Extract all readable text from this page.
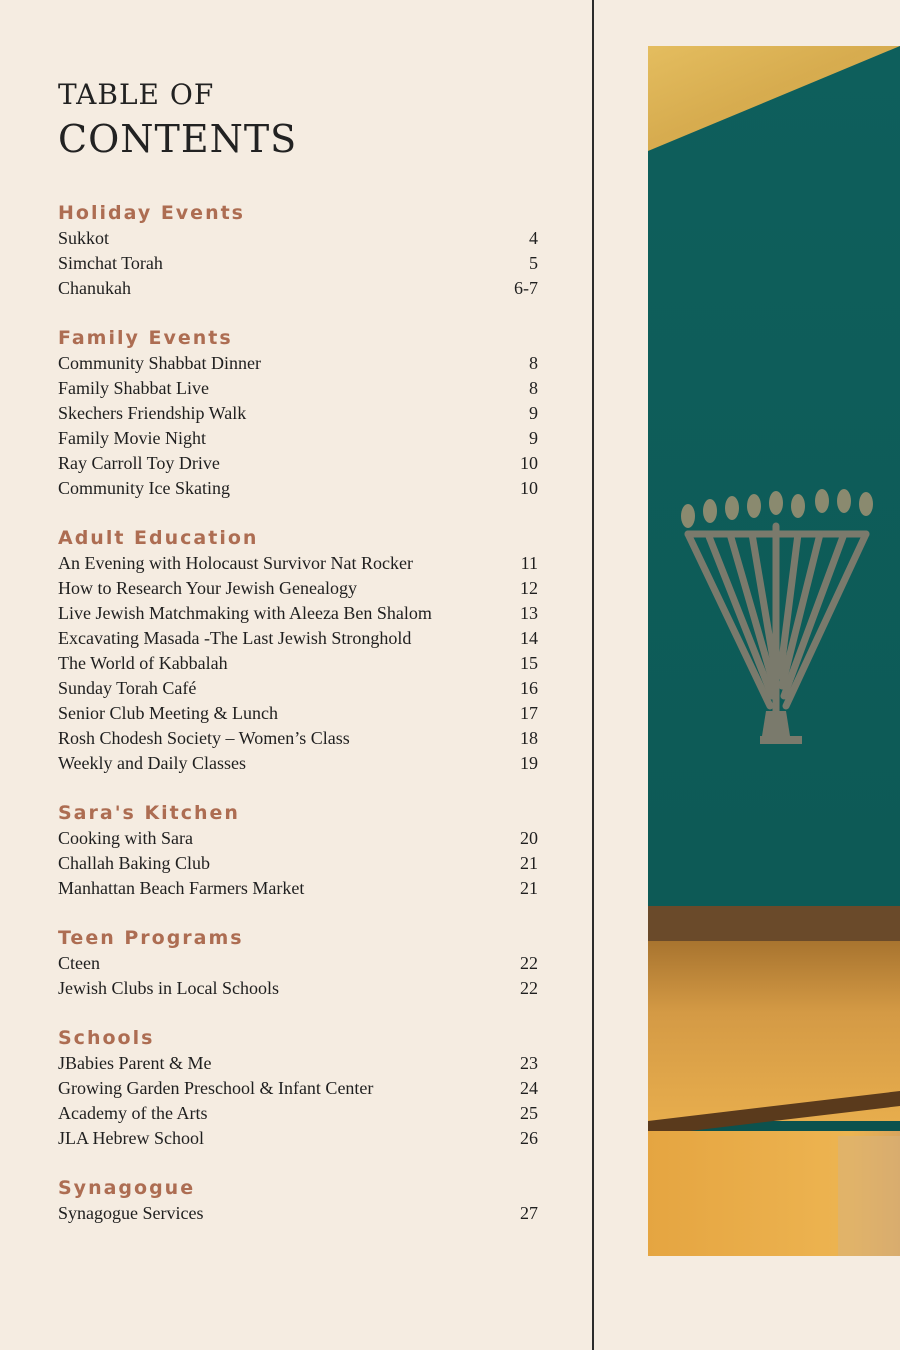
TABLE OF
CONTENTS
Holiday Events
Sukkot	4
Simchat Torah	5
Chanukah	6-7
Family Events
Community Shabbat Dinner	8
Family Shabbat Live	8
Skechers Friendship Walk	9
Family Movie Night	9
Ray Carroll Toy Drive	10
Community Ice Skating	10
Adult Education
An Evening with Holocaust Survivor Nat Rocker	11
How to Research Your Jewish Genealogy	12
Live Jewish Matchmaking with Aleeza Ben Shalom	13
Excavating Masada -The Last Jewish Stronghold	14
The World of Kabbalah	15
Sunday Torah Café	16
Senior Club Meeting & Lunch	17
Rosh Chodesh Society – Women’s Class	18
Weekly and Daily Classes	19
Sara's Kitchen
Cooking with Sara	20
Challah Baking Club	21
Manhattan Beach Farmers Market	21
Teen Programs
Cteen	22
Jewish Clubs in Local Schools	22
Schools
JBabies Parent & Me	23
Growing Garden Preschool & Infant Center	24
Academy of the Arts	25
JLA Hebrew School	26
Synagogue
Synagogue Services	27
